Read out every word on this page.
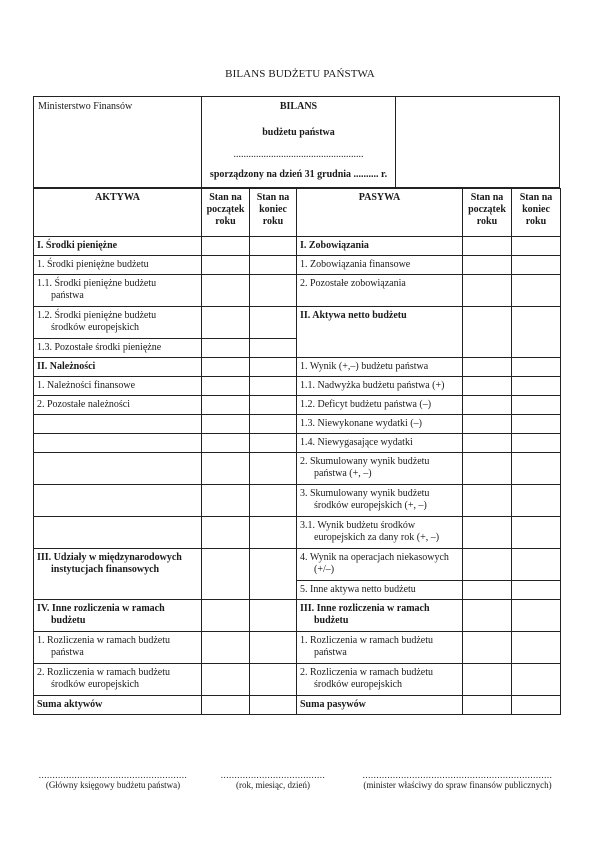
BILANS BUDŻETU PAŃSTWA
Ministerstwo Finansów	BILANS
budżetu państwa
....................................................
sporządzony na dzień 31 grudnia .......... r.
AKTYWA	Stan na początek roku	Stan na koniec roku	PASYWA	Stan na początek roku	Stan na koniec roku
I. Środki pieniężne			I. Zobowiązania		
1. Środki pieniężne budżetu			1. Zobowiązania finansowe		
1.1. Środki pieniężne budżetu
państwa			2. Pozostałe zobowiązania		
1.2. Środki pieniężne budżetu
środków europejskich			II. Aktywa netto budżetu		
1.3. Pozostałe środki pieniężne					
II. Należności			1. Wynik (+,–) budżetu państwa		
1. Należności finansowe			1.1. Nadwyżka budżetu państwa (+)		
2. Pozostałe należności			1.2. Deficyt budżetu państwa (–)		
			1.3. Niewykonane wydatki (–)		
			1.4. Niewygasające wydatki		
			2. Skumulowany wynik budżetu
państwa (+, –)		
			3. Skumulowany wynik budżetu
środków europejskich (+, –)		
			3.1. Wynik budżetu środków
europejskich za dany rok (+, –)		
III. Udziały w międzynarodowych
instytucjach finansowych			4. Wynik na operacjach niekasowych
(+/–)		
			5. Inne aktywa netto budżetu		
IV. Inne rozliczenia w ramach
budżetu			III. Inne rozliczenia w ramach
budżetu		
1. Rozliczenia w ramach budżetu
państwa			1. Rozliczenia w ramach budżetu
państwa		
2. Rozliczenia w ramach budżetu
środków europejskich			2. Rozliczenia w ramach budżetu
środków europejskich		
Suma aktywów			Suma pasywów		
......................................................
(Główny księgowy budżetu państwa)
......................................
(rok, miesiąc, dzień)
.....................................................................
(minister właściwy do spraw finansów publicznych)
